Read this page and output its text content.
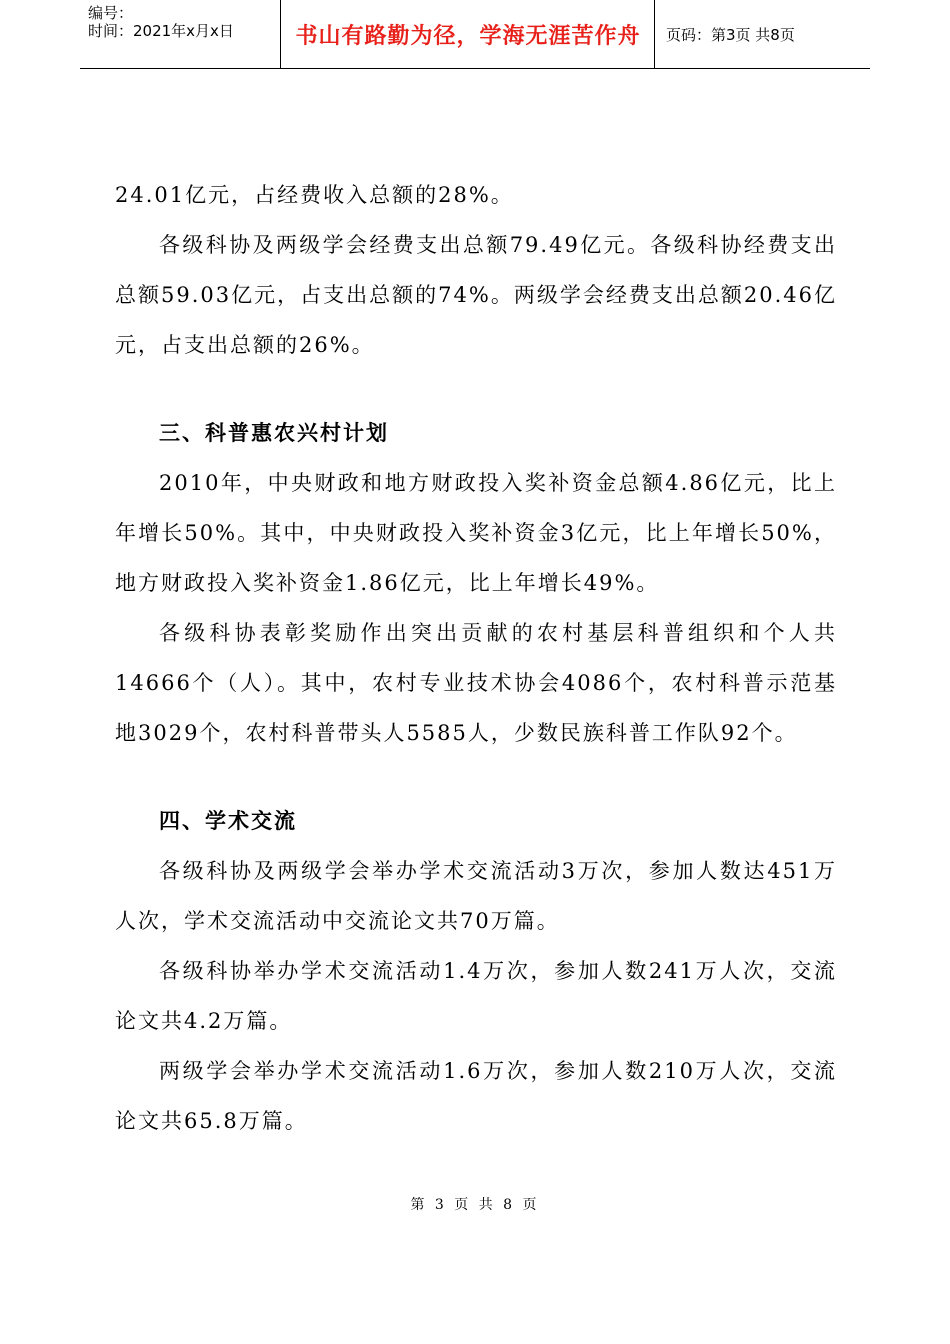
编号：
时间：2021年x月x日	书山有路勤为径，学海无涯苦作舟 页码：第3页 共8页

24.01亿元，占经费收入总额的28%。

各级科协及两级学会经费支出总额79.49亿元。各级科协经费支出总额59.03亿元，占支出总额的74%。两级学会经费支出总额20.46亿元，占支出总额的26%。

三、科普惠农兴村计划

2010年，中央财政和地方财政投入奖补资金总额4.86亿元，比上年增长50%。其中，中央财政投入奖补资金3亿元，比上年增长50%，地方财政投入奖补资金1.86亿元，比上年增长49%。

各级科协表彰奖励作出突出贡献的农村基层科普组织和个人共14666个（人）。其中，农村专业技术协会4086个，农村科普示范基地3029个，农村科普带头人5585人，少数民族科普工作队92个。

四、学术交流

各级科协及两级学会举办学术交流活动3万次，参加人数达451万人次，学术交流活动中交流论文共70万篇。

各级科协举办学术交流活动1.4万次，参加人数241万人次，交流论文共4.2万篇。

两级学会举办学术交流活动1.6万次，参加人数210万人次，交流论文共65.8万篇。

第 3 页 共 8 页
